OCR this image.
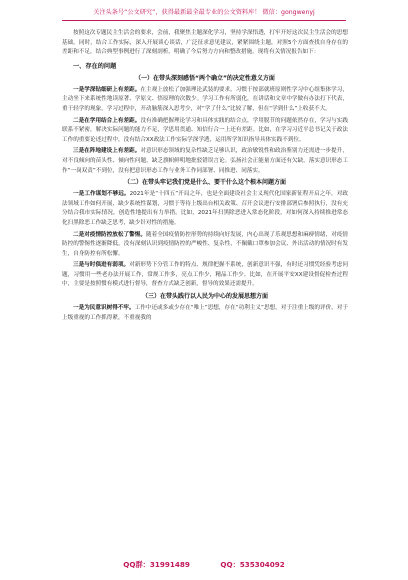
关注头条号“公文研究”，获得最新最全最专业的公文资料库！ 微信：gongwenyj

按照这次专题民主生活会的要求，会前，我聚焦主题深化学习，坚持学深悟透，打牢开好这次民主生活会的思想基础。同时，结合工作实际，深入开展谈心谈话，广泛征求意见建议，紧紧围绕主题，对照5个方面查找自身存在的差距和不足，结合典型事例进行了深刻剖析，明确了今后努力方向和整改措施。现将有关情况报告如下：

一、存在的问题

（一）在带头深刻感悟“两个确立”的决定性意义方面

一是学深钻细研上有差距。在主观上放松了加强理论武装的要求。习惯于按部就班原则性学习中心组集体学习，主动坐下来系统性地读原著、学原文、悟原理的次数少。学习工作有所弱化，在讲话和文章中学做有办法打下代表，重干轻学的现象，学习过程中，开动脑筋深入思考少，对“学了什么”比较了解，但在“学到什么”上收获不大。

二是在学用结合上有差距。没有准确把握理论学习和具体实践的结合点，学用脱节的问题依然存在，学习与实践联系不紧密，解决实际问题的能力不足，学思用贯通、知信行合一上还有差距。比如，在学习习近平总书记关于政法工作的重要论述过程中，没有结合XX政法工作实际学深学透，运用所学知识指导具体实践不到位。

三是在阵地建设上有差距。对意识形态领域的复杂性缺乏足够认识，政治敏锐性和政治鉴别力还需进一步提升，对不良倾向的苗头性、倾向性问题，缺乏旗帜鲜明地批驳错误言论。弘扬社会正能量方面还有欠缺，落实意识形态工作“一岗双责”不到位，没有把意识形态工作与业务工作同部署、同推进、同落实。

（二）在带头牢记我们党是什么、要干什么这个根本问题方面

一是工作谋划不够远。2021年是“十四五”开局之年，也是全面建设社会主义现代化国家新征程开启之年，对政法领域工作如何开展，缺少系统性谋划，习惯于等待上级出台相关政策、召开会议进行安排部署后参照执行，没有充分结合我市实际情况，创造性地提出有力举措。比如，2021年扫黑除恶进入常态化阶段，对如何深入持续推进常态化扫黑除恶工作缺乏思考，缺少针对性的措施。

二是对疫情防控放松了警惕。随着全国疫情防控形势的持续向好发展，内心出现了乐观思想和麻痹情绪，对疫情防控的警惕性逐渐降低，没有深刻认识到疫情防控的严峻性、复杂性，不佩戴口罩参加会议、外出活动的情况时有发生，自身防控有所松懈。

三是与时俱进有弱项。对新形势下分管工作的特点、规律把握不系统，创新意识不强，有时还习惯凭经验考虑问题，习惯用一些老办法开展工作，常规工作多，亮点工作少，精品工作少。比如，在开展平安XX建设督促检查过程中，主要是按照惯有模式进行督导，督查方式缺乏创新，督导的效果还需提升。

（三）在带头践行以人民为中心的发展思想方面

一是为民意识树得不牢。工作中还或多或少存在“唯上”思想，存在“功利主义”思想，对于注重上级的评价，对于上级重视的工作抓得紧，不重视我的

QQ群：31991489	QQ：535304092
